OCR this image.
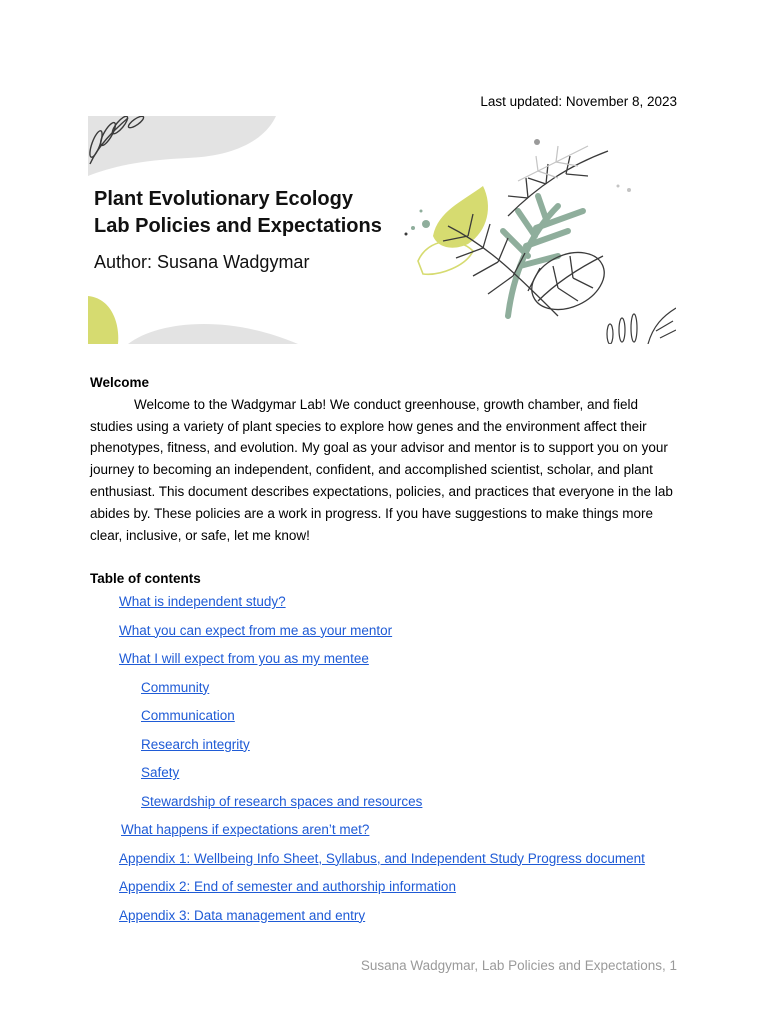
Last updated: November 8, 2023
Plant Evolutionary Ecology
Lab Policies and Expectations
Author: Susana Wadgymar
Welcome

Welcome to the Wadgymar Lab! We conduct greenhouse, growth chamber, and field studies using a variety of plant species to explore how genes and the environment affect their phenotypes, fitness, and evolution. My goal as your advisor and mentor is to support you on your journey to becoming an independent, confident, and accomplished scientist, scholar, and plant enthusiast. This document describes expectations, policies, and practices that everyone in the lab abides by. These policies are a work in progress. If you have suggestions to make things more clear, inclusive, or safe, let me know!

Table of contents
What is independent study?
What you can expect from me as your mentor
What I will expect from you as my mentee
Community
Communication
Research integrity
Safety
Stewardship of research spaces and resources
What happens if expectations aren’t met?
Appendix 1: Wellbeing Info Sheet, Syllabus, and Independent Study Progress document
Appendix 2: End of semester and authorship information
Appendix 3: Data management and entry
Susana Wadgymar, Lab Policies and Expectations, 1
